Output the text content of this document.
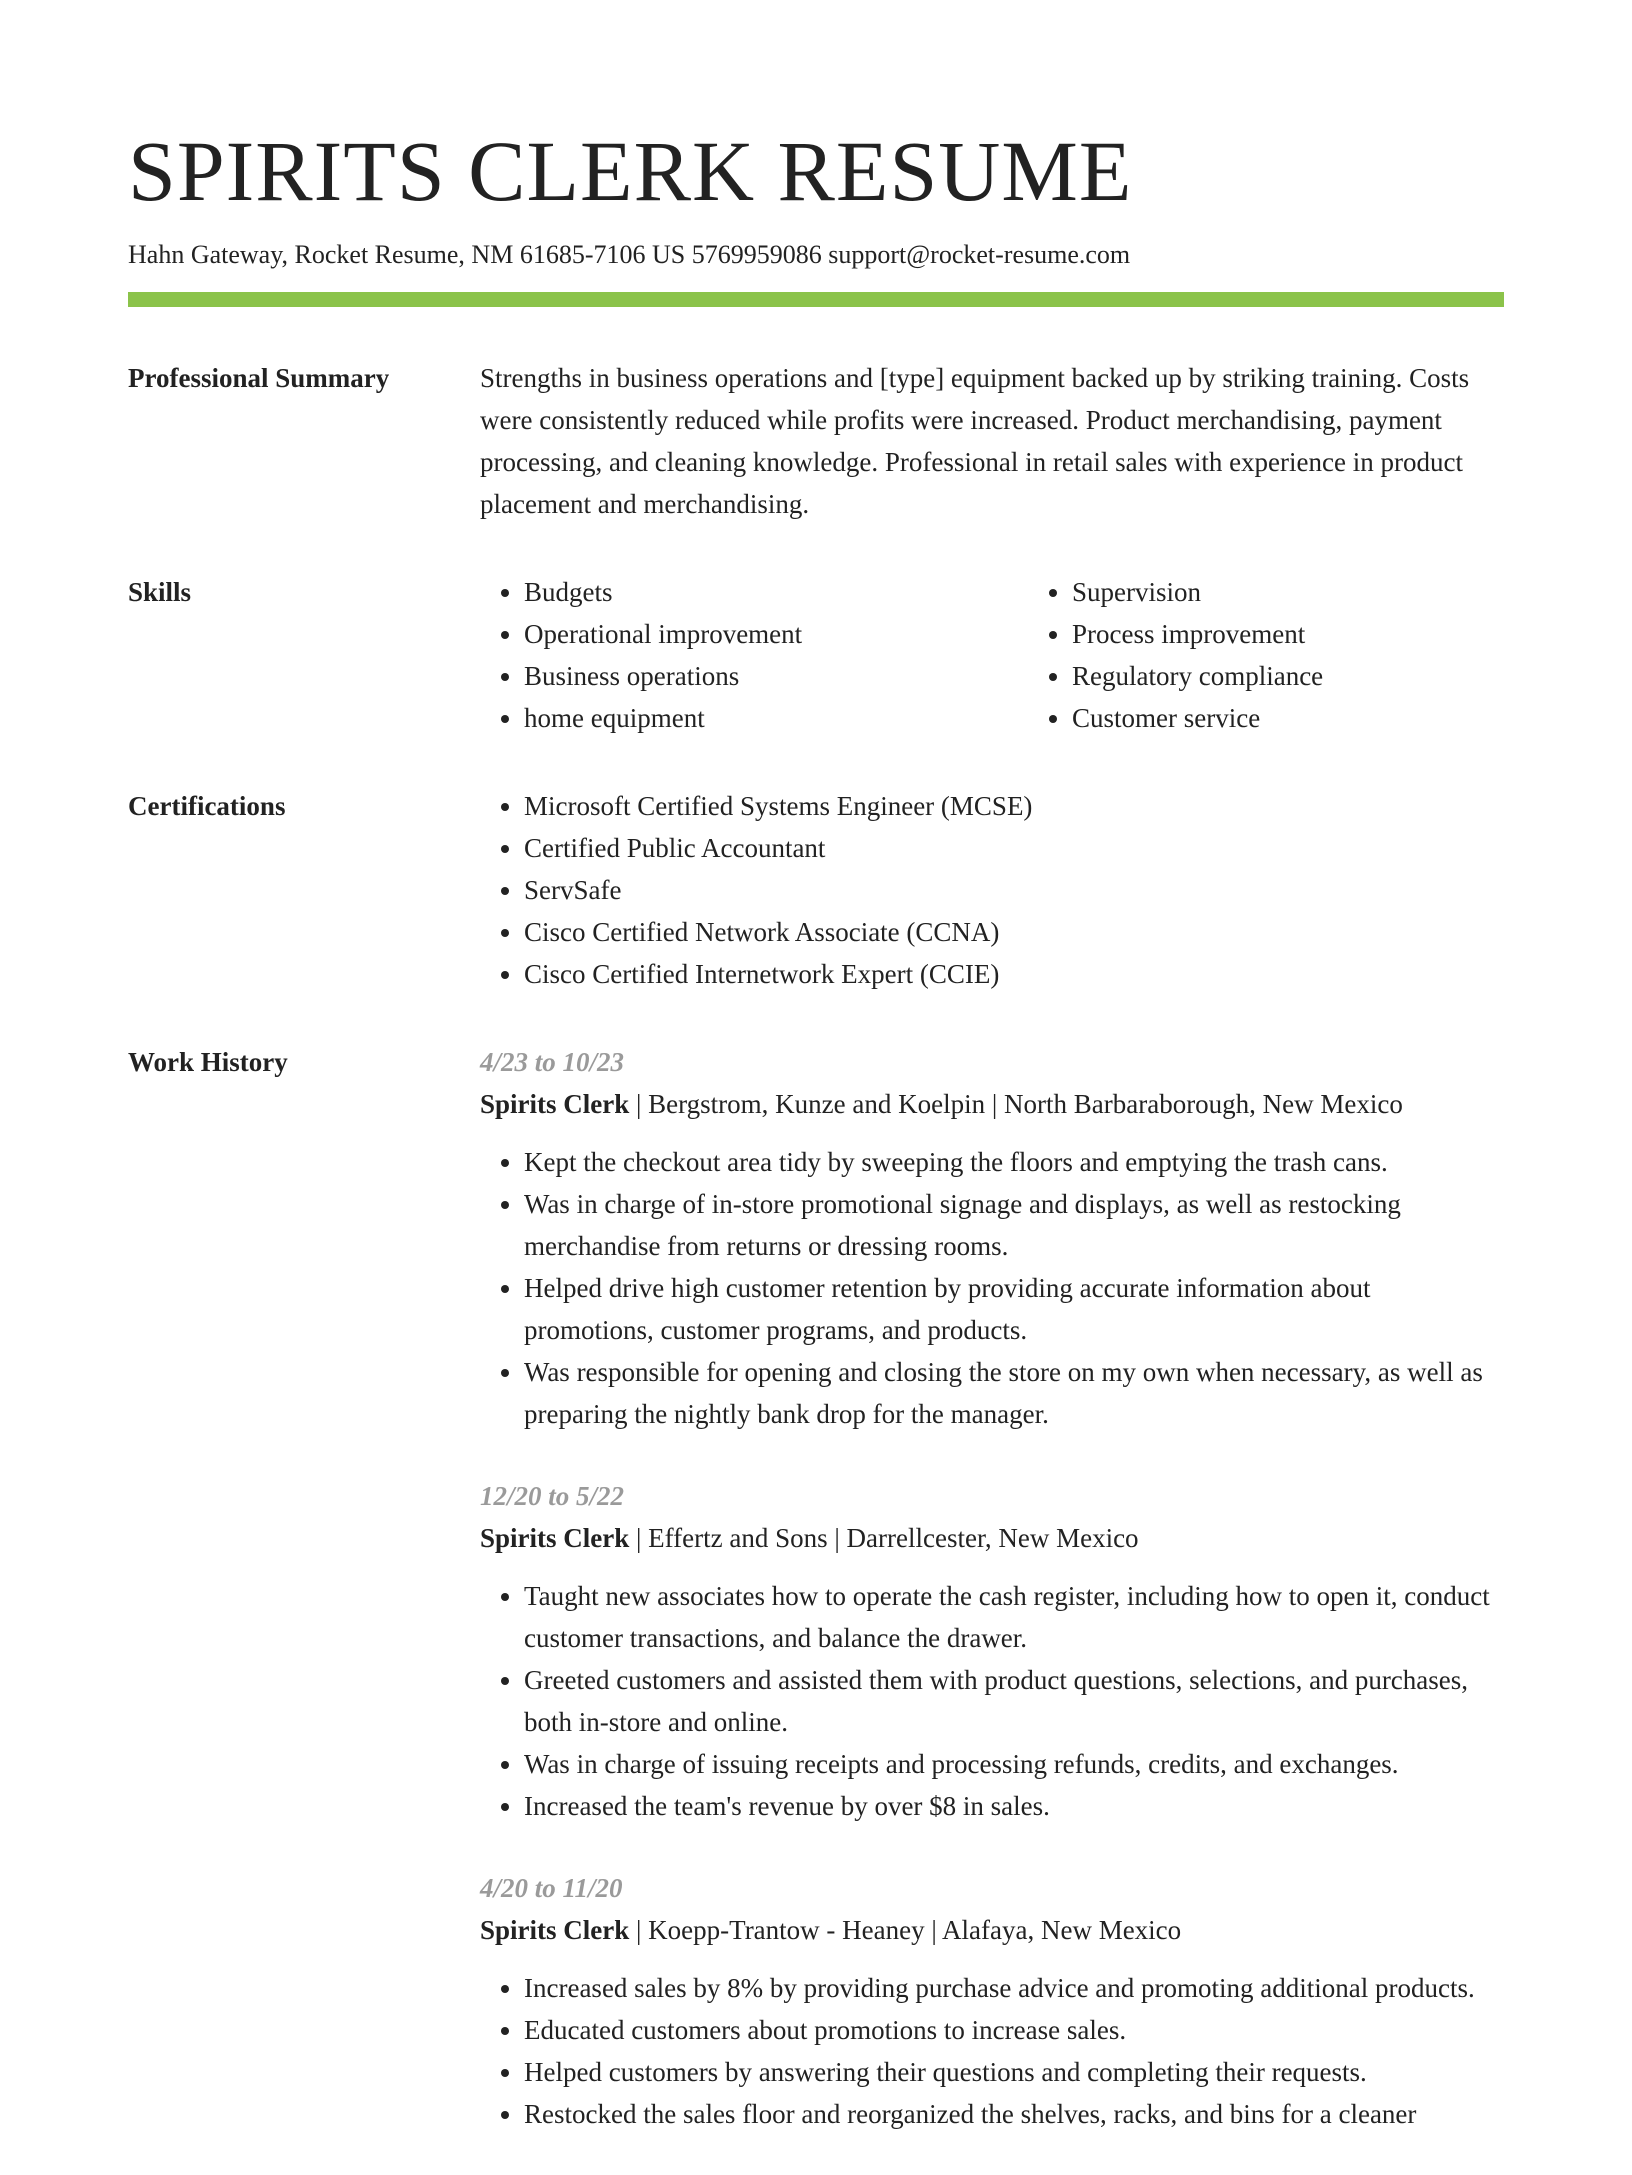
SPIRITS CLERK RESUME
Hahn Gateway, Rocket Resume, NM 61685-7106 US 5769959086 support@rocket-resume.com
Professional Summary	Strengths in business operations and [type] equipment backed up by striking training. Costs were consistently reduced while profits were increased. Product merchandising, payment processing, and cleaning knowledge. Professional in retail sales with experience in product placement and merchandising.

Skills	• Budgets
• Operational improvement
• Business operations
• home equipment
• Supervision
• Process improvement
• Regulatory compliance
• Customer service
Certifications	• Microsoft Certified Systems Engineer (MCSE)
• Certified Public Accountant
• ServSafe
• Cisco Certified Network Associate (CCNA)
• Cisco Certified Internetwork Expert (CCIE)
Work History	4/23 to 10/23
Spirits Clerk | Bergstrom, Kunze and Koelpin | North Barbaraborough, New Mexico
• Kept the checkout area tidy by sweeping the floors and emptying the trash cans.
• Was in charge of in-store promotional signage and displays, as well as restocking merchandise from returns or dressing rooms.
• Helped drive high customer retention by providing accurate information about promotions, customer programs, and products.
• Was responsible for opening and closing the store on my own when necessary, as well as preparing the nightly bank drop for the manager.
12/20 to 5/22
Spirits Clerk | Effertz and Sons | Darrellcester, New Mexico
• Taught new associates how to operate the cash register, including how to open it, conduct customer transactions, and balance the drawer.
• Greeted customers and assisted them with product questions, selections, and purchases, both in-store and online.
• Was in charge of issuing receipts and processing refunds, credits, and exchanges.
• Increased the team's revenue by over $8 in sales.
4/20 to 11/20
Spirits Clerk | Koepp-Trantow - Heaney | Alafaya, New Mexico
• Increased sales by 8% by providing purchase advice and promoting additional products.
• Educated customers about promotions to increase sales.
• Helped customers by answering their questions and completing their requests.
• Restocked the sales floor and reorganized the shelves, racks, and bins for a cleaner
